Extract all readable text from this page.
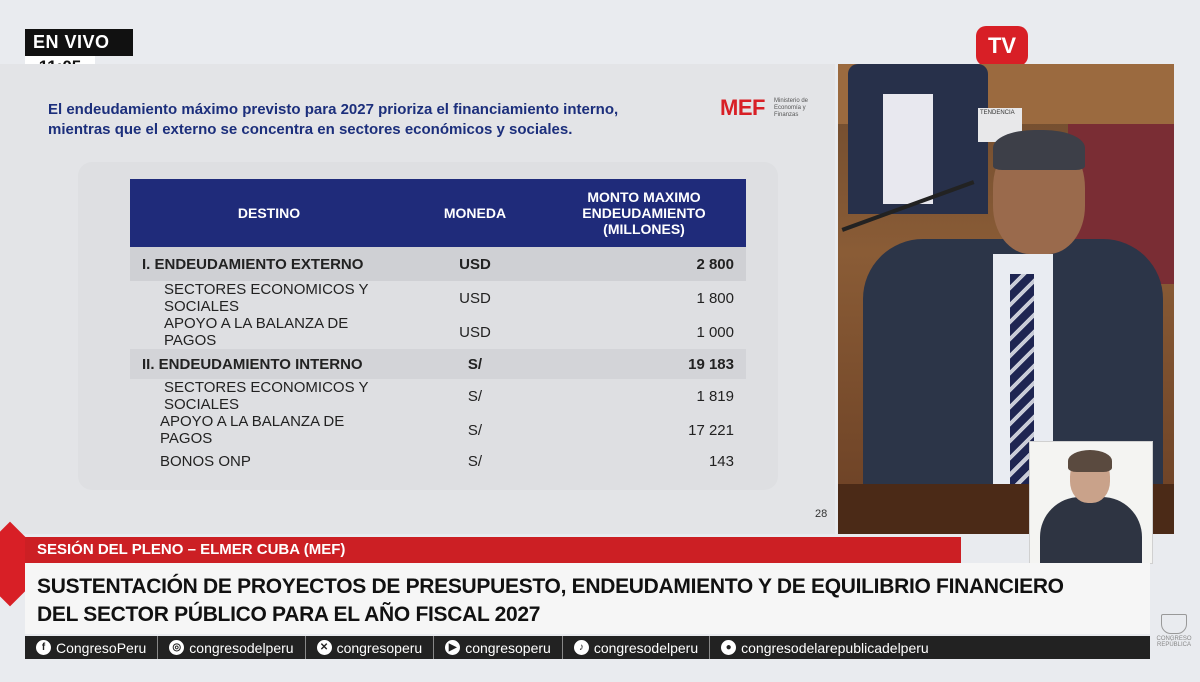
EN VIVO	TV
El endeudamiento máximo previsto para 2027 prioriza el financiamiento interno, mientras que el externo se concentra en sectores económicos y sociales.
MEF Ministerio de Economía y Finanzas
28
DESTINO	MONEDA	MONTO MAXIMO ENDEUDAMIENTO (MILLONES)
I. ENDEUDAMIENTO EXTERNO	USD	2 800
SECTORES ECONOMICOS Y SOCIALES	USD	1 800
APOYO A LA BALANZA DE PAGOS	USD	1 000
II. ENDEUDAMIENTO INTERNO	S/	19 183
SECTORES ECONOMICOS Y SOCIALES	S/	1 819
APOYO A LA BALANZA DE PAGOS	S/	17 221
BONOS ONP	S/	143
TENDENCIA
SESIÓN DEL PLENO – ELMER CUBA (MEF)
SUSTENTACIÓN DE PROYECTOS DE PRESUPUESTO, ENDEUDAMIENTO Y DE EQUILIBRIO FINANCIERO
DEL SECTOR PÚBLICO PARA EL AÑO FISCAL 2027
f CongresoPeru	◎ congresodelperu	✕ congresoperu	▶ congresoperu	♪ congresodelperu	● congresodelarepublicadelperu
CONGRESO
REPÚBLICA
